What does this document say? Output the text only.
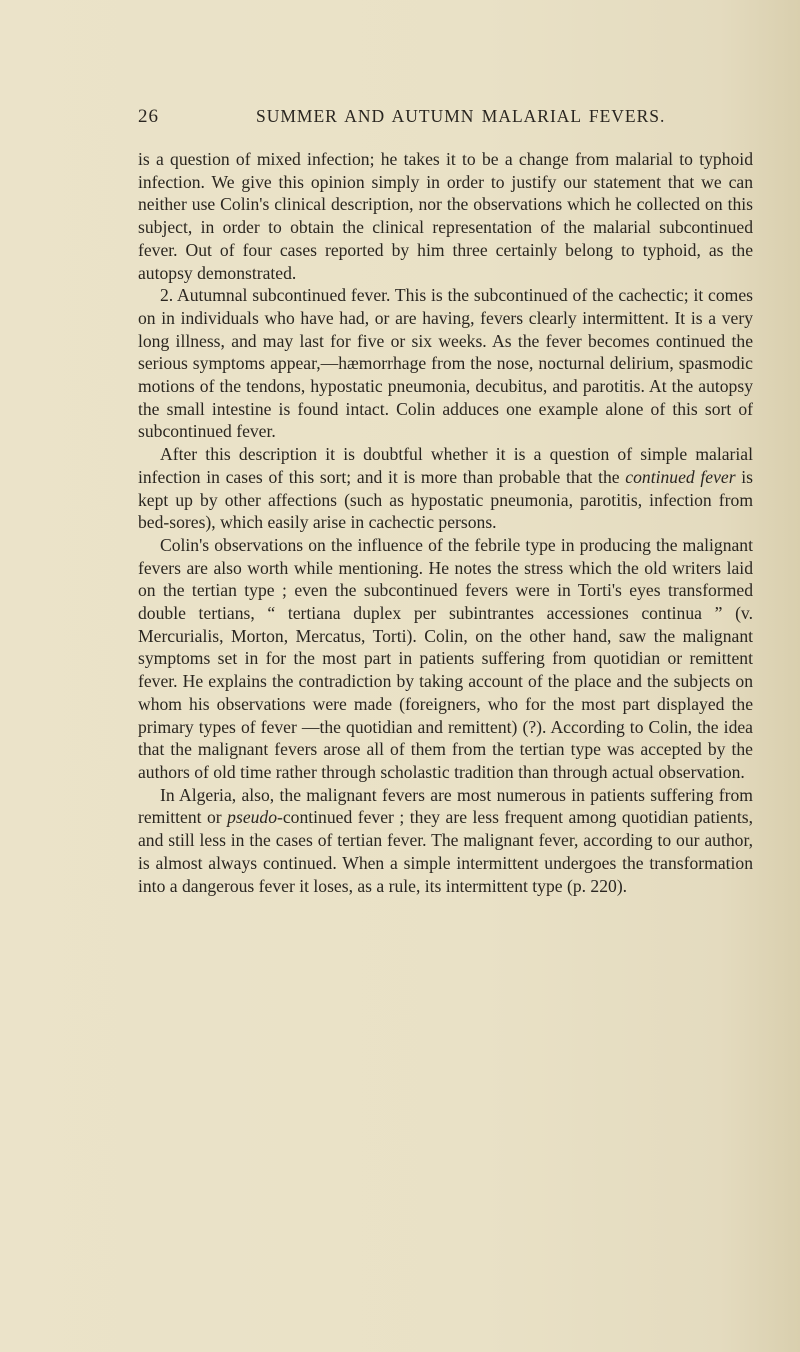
26	SUMMER AND AUTUMN MALARIAL FEVERS.

is a question of mixed infection; he takes it to be a change from malarial to typhoid infection. We give this opinion simply in order to justify our statement that we can neither use Colin's clinical description, nor the observations which he collected on this subject, in order to obtain the clinical representation of the malarial subcontinued fever. Out of four cases reported by him three certainly belong to typhoid, as the autopsy demonstrated.

2. Autumnal subcontinued fever. This is the subcontinued of the cachectic; it comes on in individuals who have had, or are having, fevers clearly intermittent. It is a very long illness, and may last for five or six weeks. As the fever becomes continued the serious symptoms appear,—hæmorrhage from the nose, nocturnal delirium, spasmodic motions of the tendons, hypostatic pneumonia, decubitus, and parotitis. At the autopsy the small intestine is found intact. Colin adduces one example alone of this sort of subcontinued fever.

After this description it is doubtful whether it is a question of simple malarial infection in cases of this sort; and it is more than probable that the continued fever is kept up by other affections (such as hypostatic pneumonia, parotitis, infection from bed-sores), which easily arise in cachectic persons.

Colin's observations on the influence of the febrile type in producing the malignant fevers are also worth while mentioning. He notes the stress which the old writers laid on the tertian type ; even the subcontinued fevers were in Torti's eyes transformed double tertians, “ tertiana duplex per subintrantes accessiones continua ” (v. Mercurialis, Morton, Mercatus, Torti). Colin, on the other hand, saw the malignant symptoms set in for the most part in patients suffering from quotidian or remittent fever. He explains the contradiction by taking account of the place and the subjects on whom his observations were made (foreigners, who for the most part displayed the primary types of fever —the quotidian and remittent) (?). According to Colin, the idea that the malignant fevers arose all of them from the tertian type was accepted by the authors of old time rather through scholastic tradition than through actual observation.

In Algeria, also, the malignant fevers are most numerous in patients suffering from remittent or pseudo-continued fever ; they are less frequent among quotidian patients, and still less in the cases of tertian fever. The malignant fever, according to our author, is almost always continued. When a simple intermittent undergoes the transformation into a dangerous fever it loses, as a rule, its intermittent type (p. 220).
